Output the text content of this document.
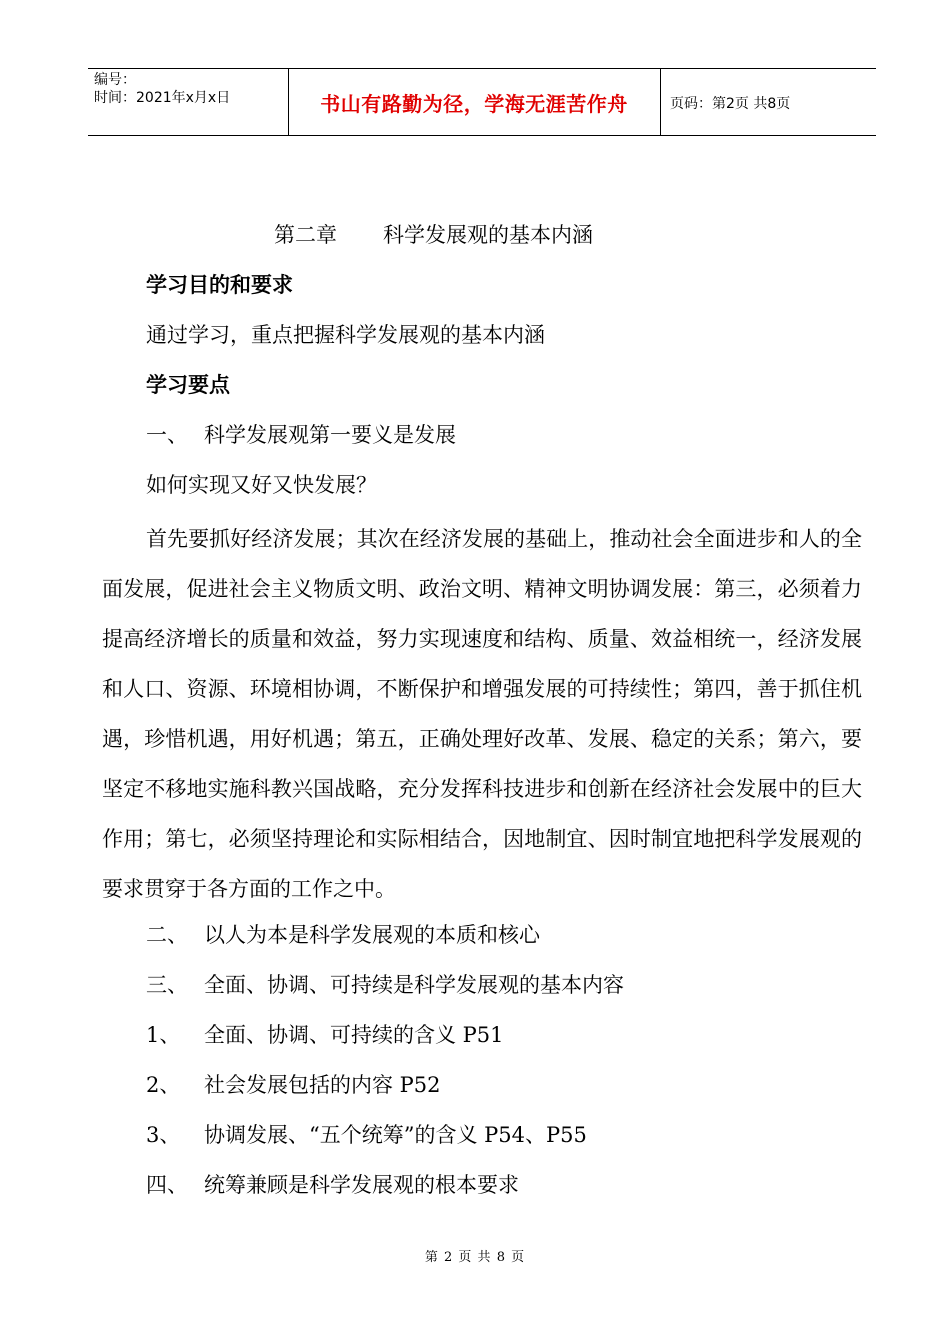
编号：
时间：2021年x月x日	书山有路勤为径，学海无涯苦作舟	页码：第2页 共8页
第二章 科学发展观的基本内涵
学习目的和要求
通过学习，重点把握科学发展观的基本内涵
学习要点
一、 科学发展观第一要义是发展
如何实现又好又快发展？

首先要抓好经济发展；其次在经济发展的基础上，推动社会全面进步和人的全面发展，促进社会主义物质文明、政治文明、精神文明协调发展：第三，必须着力提高经济增长的质量和效益，努力实现速度和结构、质量、效益相统一，经济发展和人口、资源、环境相协调，不断保护和增强发展的可持续性；第四，善于抓住机遇，珍惜机遇，用好机遇；第五，正确处理好改革、发展、稳定的关系；第六，要坚定不移地实施科教兴国战略，充分发挥科技进步和创新在经济社会发展中的巨大作用；第七，必须坚持理论和实际相结合，因地制宜、因时制宜地把科学发展观的要求贯穿于各方面的工作之中。

二、 以人为本是科学发展观的本质和核心
三、 全面、协调、可持续是科学发展观的基本内容
1、 全面、协调、可持续的含义 P51
2、 社会发展包括的内容 P52
3、 协调发展、“五个统筹”的含义 P54、P55
四、 统筹兼顾是科学发展观的根本要求
第 2 页 共 8 页
